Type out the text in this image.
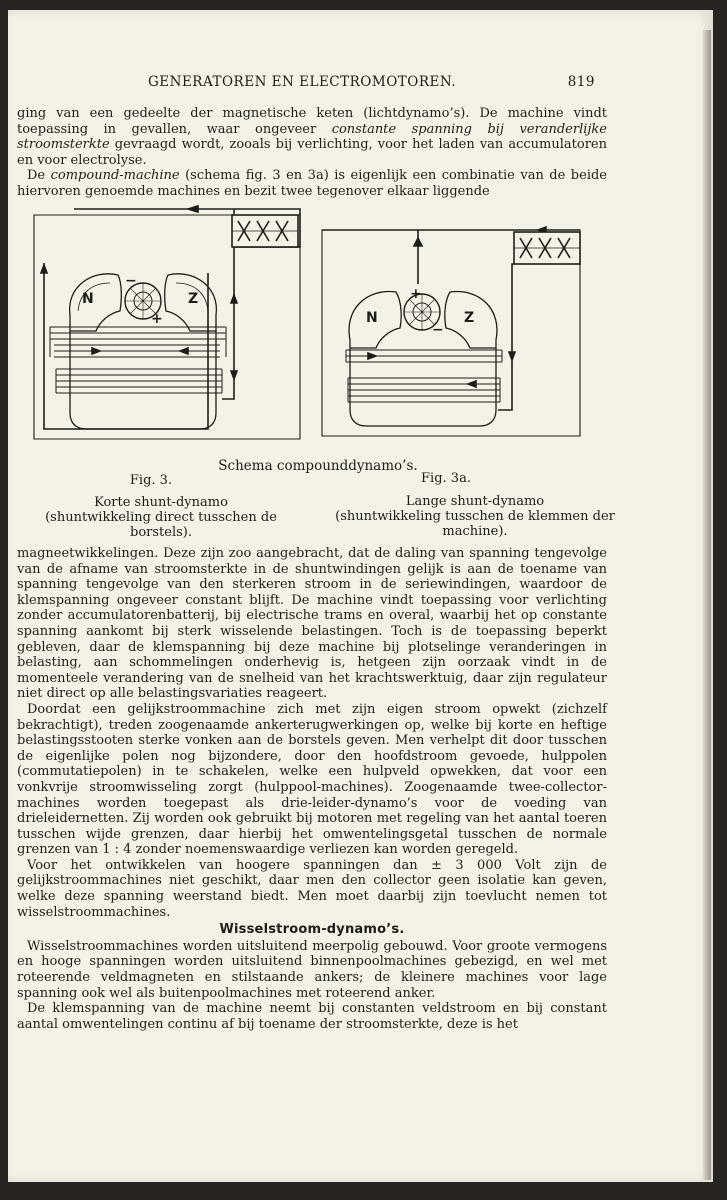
GENERATOREN EN ELECTROMOTOREN.	819

ging van een gedeelte der magnetische keten (lichtdynamo’s). De machine vindt toepassing in gevallen, waar ongeveer constante spanning bij veranderlijke stroomsterkte gevraagd wordt, zooals bij verlichting, voor het laden van accumulatoren en voor electrolyse.

De compound-machine (schema fig. 3 en 3a) is eigenlijk een combinatie van de beide hiervoren genoemde machines en bezit twee tegenover elkaar liggende

N	Z
−
+	N	Z
+
−
Schema compounddynamo’s.
Fig. 3.	Fig. 3a.
Korte shunt-dynamo
(shuntwikkeling direct tusschen de borstels).
Lange shunt-dynamo
(shuntwikkeling tusschen de klemmen der machine).

magneetwikkelingen. Deze zijn zoo aangebracht, dat de daling van spanning tengevolge van de afname van stroomsterkte in de shuntwindingen gelijk is aan de toename van spanning tengevolge van den sterkeren stroom in de seriewindingen, waardoor de klemspanning ongeveer constant blijft. De machine vindt toepassing voor verlichting zonder accumulatorenbatterij, bij electrische trams en overal, waarbij het op constante spanning aankomt bij sterk wisselende belastingen. Toch is de toepassing beperkt gebleven, daar de klemspanning bij deze machine bij plotselinge veranderingen in belasting, aan schommelingen onderhevig is, hetgeen zijn oorzaak vindt in de momenteele verandering van de snelheid van het krachtswerktuig, daar zijn regulateur niet direct op alle belastingsvariaties reageert.

Doordat een gelijkstroommachine zich met zijn eigen stroom opwekt (zichzelf bekrachtigt), treden zoogenaamde ankerterugwerkingen op, welke bij korte en heftige belastingsstooten sterke vonken aan de borstels geven. Men verhelpt dit door tusschen de eigenlijke polen nog bijzondere, door den hoofdstroom gevoede, hulppolen (commutatiepolen) in te schakelen, welke een hulpveld opwekken, dat voor een vonkvrije stroomwisseling zorgt (hulppool-machines). Zoogenaamde twee-collector-machines worden toegepast als drie-leider-dynamo’s voor de voeding van drieleidernetten. Zij worden ook gebruikt bij motoren met regeling van het aantal toeren tusschen wijde grenzen, daar hierbij het omwentelingsgetal tusschen de normale grenzen van 1 : 4 zonder noemenswaardige verliezen kan worden geregeld.

Voor het ontwikkelen van hoogere spanningen dan ± 3 000 Volt zijn de gelijkstroommachines niet geschikt, daar men den collector geen isolatie kan geven, welke deze spanning weerstand biedt. Men moet daarbij zijn toevlucht nemen tot wisselstroommachines.

Wisselstroom-dynamo’s.

Wisselstroommachines worden uitsluitend meerpolig gebouwd. Voor groote vermogens en hooge spanningen worden uitsluitend binnenpoolmachines gebezigd, en wel met roteerende veldmagneten en stilstaande ankers; de kleinere machines voor lage spanning ook wel als buitenpoolmachines met roteerend anker.

De klemspanning van de machine neemt bij constanten veldstroom en bij constant aantal omwentelingen continu af bij toename der stroomsterkte, deze is het
